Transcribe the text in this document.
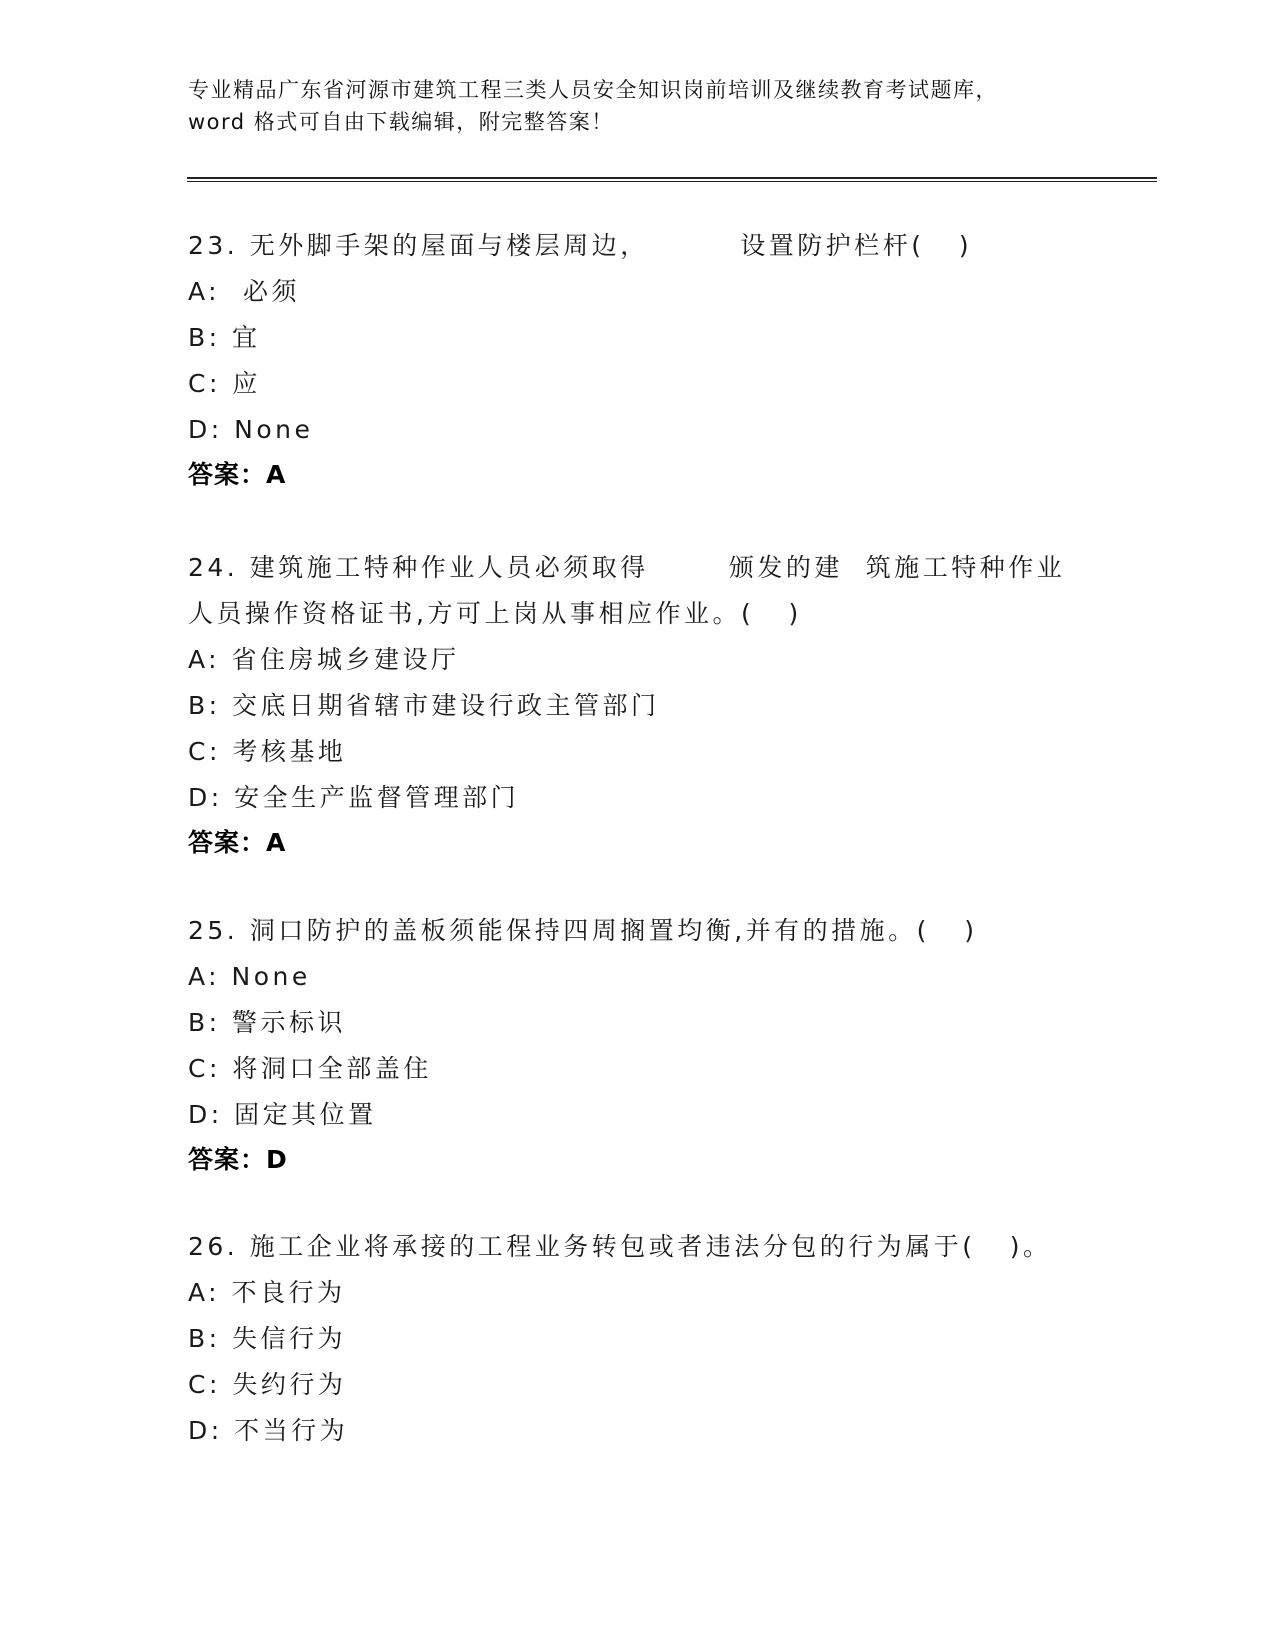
专业精品广东省河源市建筑工程三类人员安全知识岗前培训及继续教育考试题库，
word 格式可自由下载编辑，附完整答案！
23. 无外脚手架的屋面与楼层周边，        设置防护栏杆(   )
A:  必须
B: 宜
C: 应
D: None
答案：A
24. 建筑施工特种作业人员必须取得       颁发的建  筑施工特种作业人员操作资格证书,方可上岗从事相应作业。(   )
A: 省住房城乡建设厅
B: 交底日期省辖市建设行政主管部门
C: 考核基地
D: 安全生产监督管理部门
答案：A
25. 洞口防护的盖板须能保持四周搁置均衡,并有的措施。(   )
A: None
B: 警示标识
C: 将洞口全部盖住
D: 固定其位置
答案：D
26. 施工企业将承接的工程业务转包或者违法分包的行为属于(   )。
A: 不良行为
B: 失信行为
C: 失约行为
D: 不当行为
